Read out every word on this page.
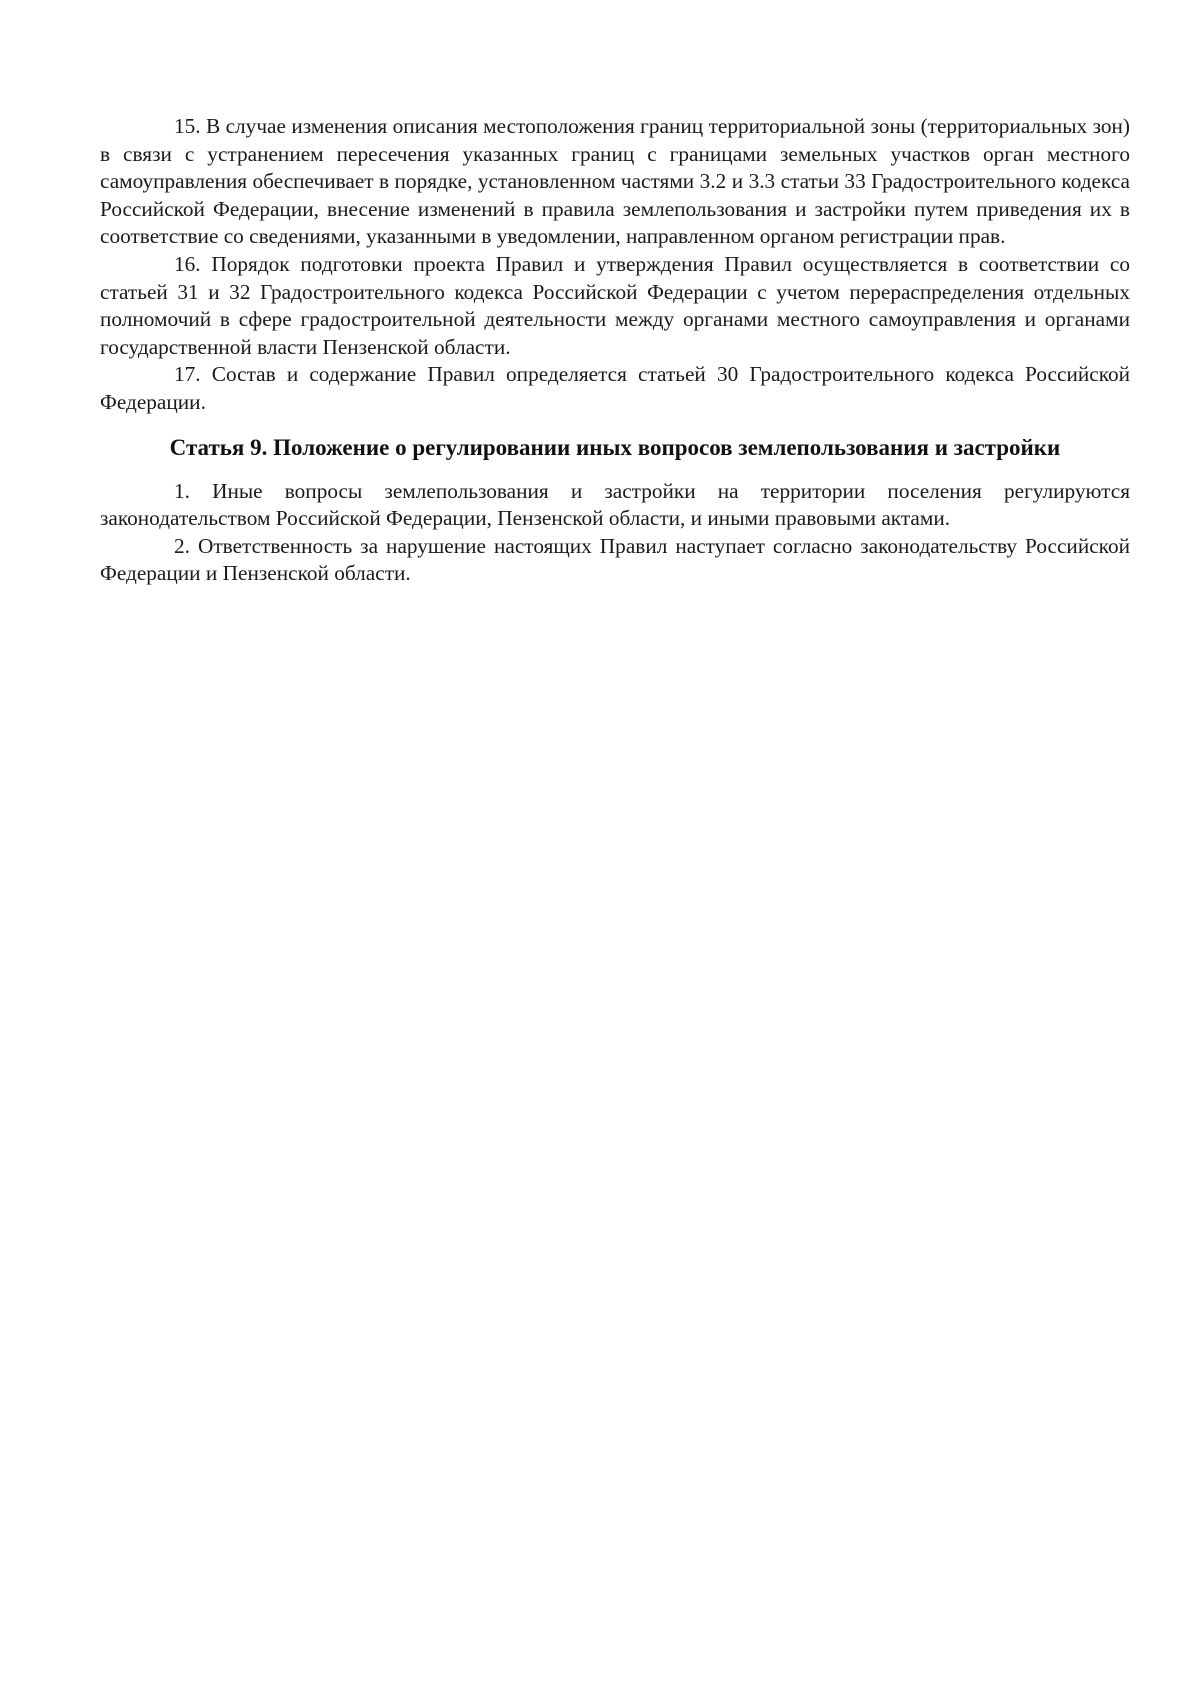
15. В случае изменения описания местоположения границ территориальной зоны (территориальных зон) в связи с устранением пересечения указанных границ с границами земельных участков орган местного самоуправления обеспечивает в порядке, установленном частями 3.2 и 3.3 статьи 33 Градостроительного кодекса Российской Федерации, внесение изменений в правила землепользования и застройки путем приведения их в соответствие со сведениями, указанными в уведомлении, направленном органом регистрации прав.

16. Порядок подготовки проекта Правил и утверждения Правил осуществляется в соответствии со статьей 31 и 32 Градостроительного кодекса Российской Федерации с учетом перераспределения отдельных полномочий в сфере градостроительной деятельности между органами местного самоуправления и органами государственной власти Пензенской области.

17. Состав и содержание Правил определяется статьей 30 Градостроительного кодекса Российской Федерации.

Статья 9. Положение о регулировании иных вопросов землепользования и застройки

1. Иные вопросы землепользования и застройки на территории поселения регулируются законодательством Российской Федерации, Пензенской области, и иными правовыми актами.

2. Ответственность за нарушение настоящих Правил наступает согласно законодательству Российской Федерации и Пензенской области.
